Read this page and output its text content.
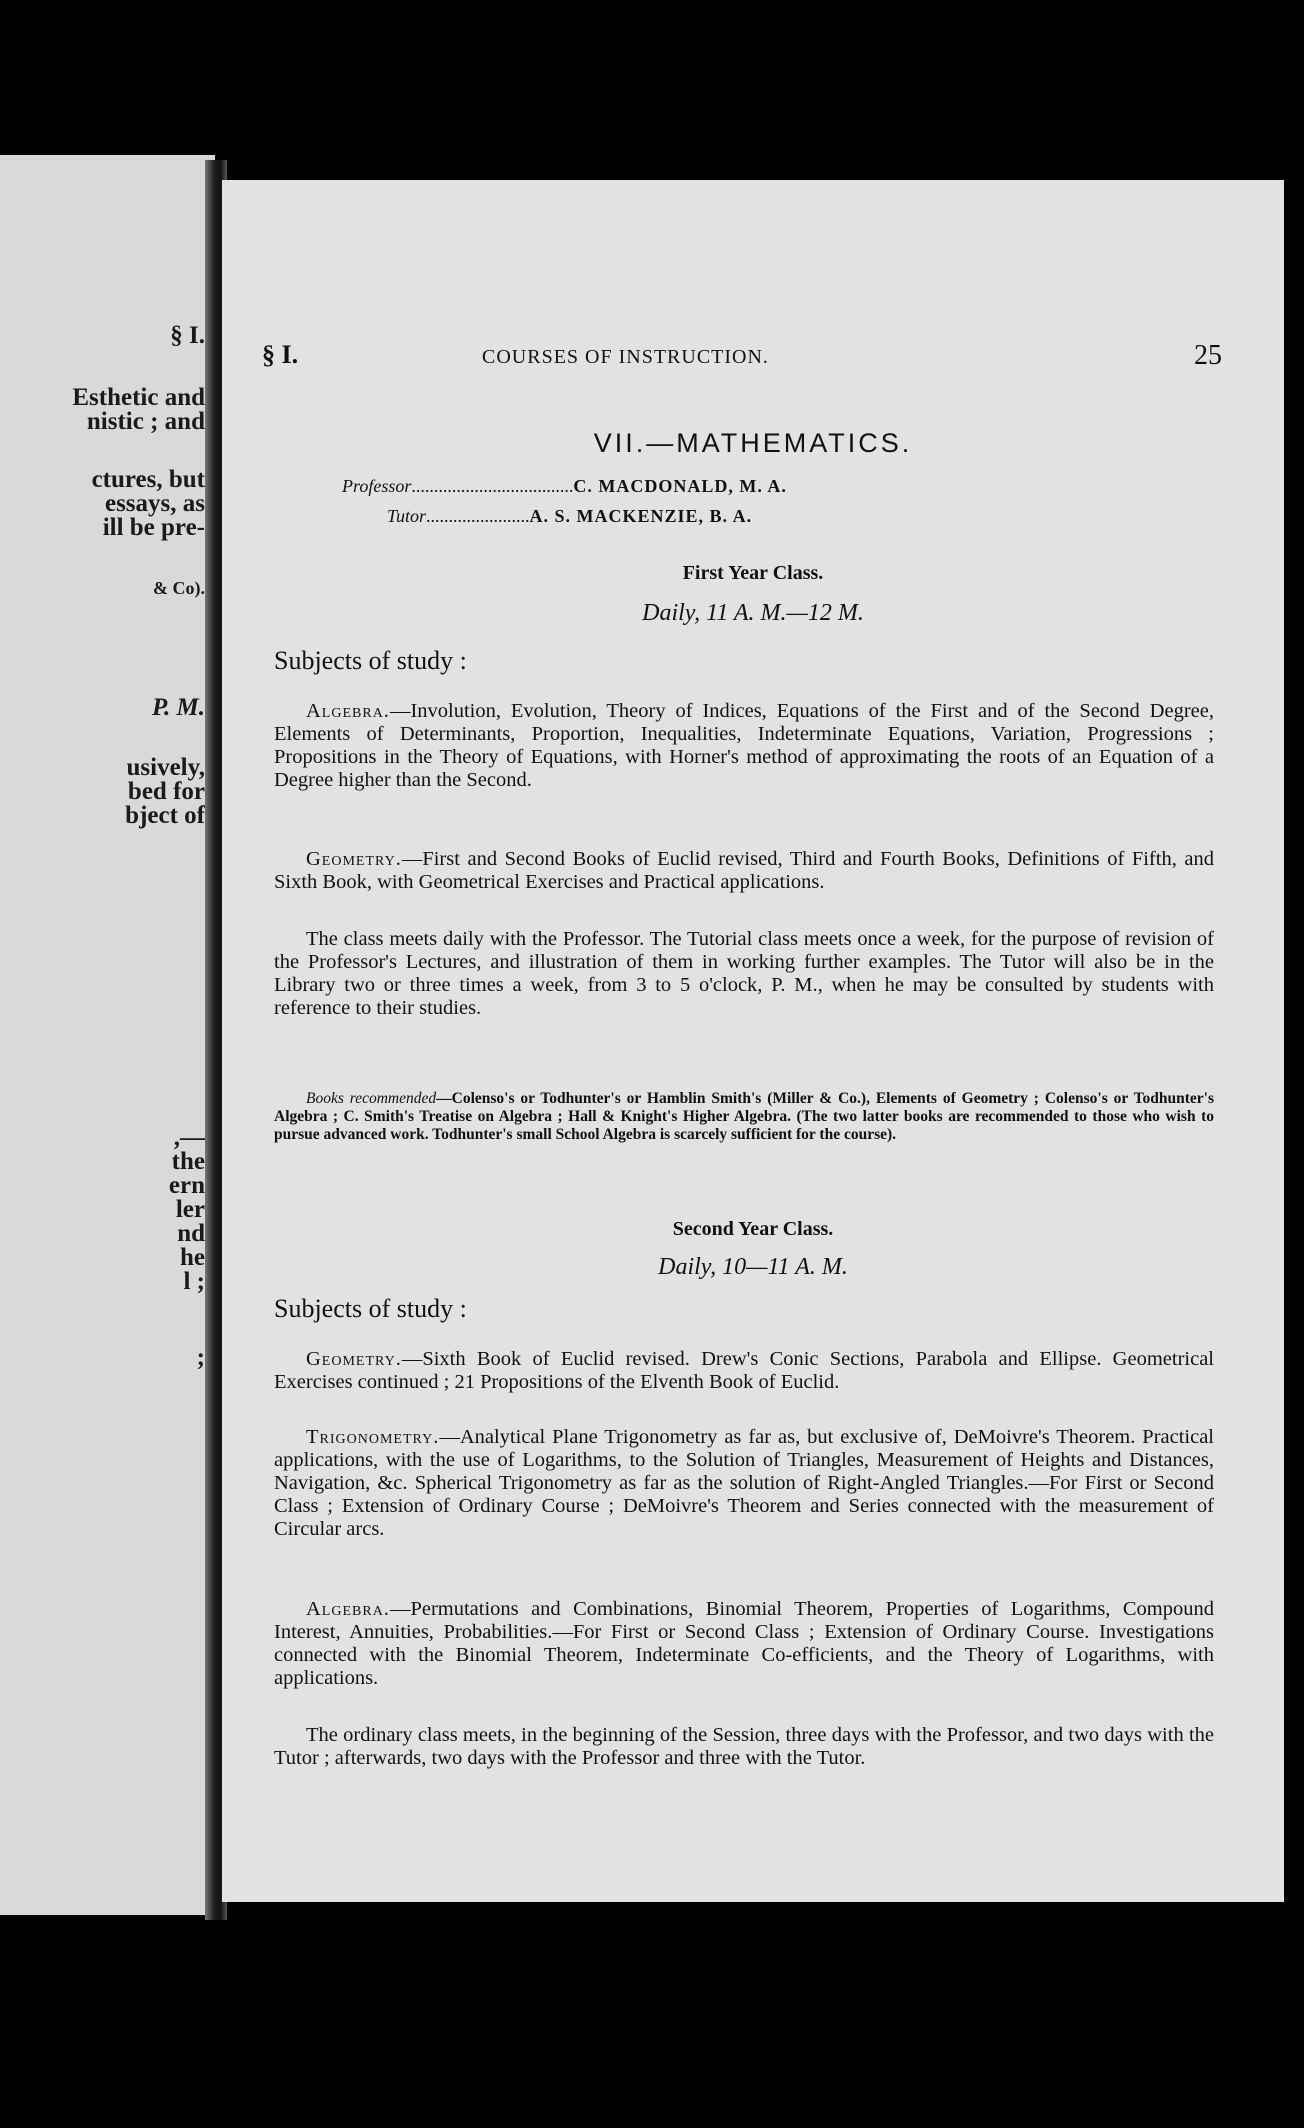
§ I.
Esthetic and
nistic ; and
ctures, but
essays, as
ill be pre-
& Co).
P. M.
usively,
bed for
bject of
,—
the
ern
ler
nd
he
l ;
;
§ I.	COURSES OF INSTRUCTION.	25
VII.—MATHEMATICS.
Professor....................................C. MACDONALD, M. A.
Tutor.......................A. S. MACKENZIE, B. A.
First Year Class.
Daily, 11 A. M.—12 M.
Subjects of study :
Algebra.—Involution, Evolution, Theory of Indices, Equations of the First and of the Second Degree, Elements of Determinants, Proportion, Inequalities, Indeterminate Equations, Variation, Progressions ; Propositions in the Theory of Equations, with Horner's method of approximating the roots of an Equation of a Degree higher than the Second.
Geometry.—First and Second Books of Euclid revised, Third and Fourth Books, Definitions of Fifth, and Sixth Book, with Geometrical Exercises and Practical applications.
The class meets daily with the Professor. The Tutorial class meets once a week, for the purpose of revision of the Professor's Lectures, and illustration of them in working further examples. The Tutor will also be in the Library two or three times a week, from 3 to 5 o'clock, P. M., when he may be consulted by students with reference to their studies.
Books recommended—Colenso's or Todhunter's or Hamblin Smith's (Miller & Co.), Elements of Geometry ; Colenso's or Todhunter's Algebra ; C. Smith's Treatise on Algebra ; Hall & Knight's Higher Algebra. (The two latter books are recommended to those who wish to pursue advanced work. Todhunter's small School Algebra is scarcely sufficient for the course).
Second Year Class.
Daily, 10—11 A. M.
Subjects of study :
Geometry.—Sixth Book of Euclid revised. Drew's Conic Sections, Parabola and Ellipse. Geometrical Exercises continued ; 21 Propositions of the Elventh Book of Euclid.
Trigonometry.—Analytical Plane Trigonometry as far as, but exclusive of, DeMoivre's Theorem. Practical applications, with the use of Logarithms, to the Solution of Triangles, Measurement of Heights and Distances, Navigation, &c. Spherical Trigonometry as far as the solution of Right-Angled Triangles.—For First or Second Class ; Extension of Ordinary Course ; DeMoivre's Theorem and Series connected with the measurement of Circular arcs.
Algebra.—Permutations and Combinations, Binomial Theorem, Properties of Logarithms, Compound Interest, Annuities, Probabilities.—For First or Second Class ; Extension of Ordinary Course. Investigations connected with the Binomial Theorem, Indeterminate Co-efficients, and the Theory of Logarithms, with applications.
The ordinary class meets, in the beginning of the Session, three days with the Professor, and two days with the Tutor ; afterwards, two days with the Professor and three with the Tutor.
